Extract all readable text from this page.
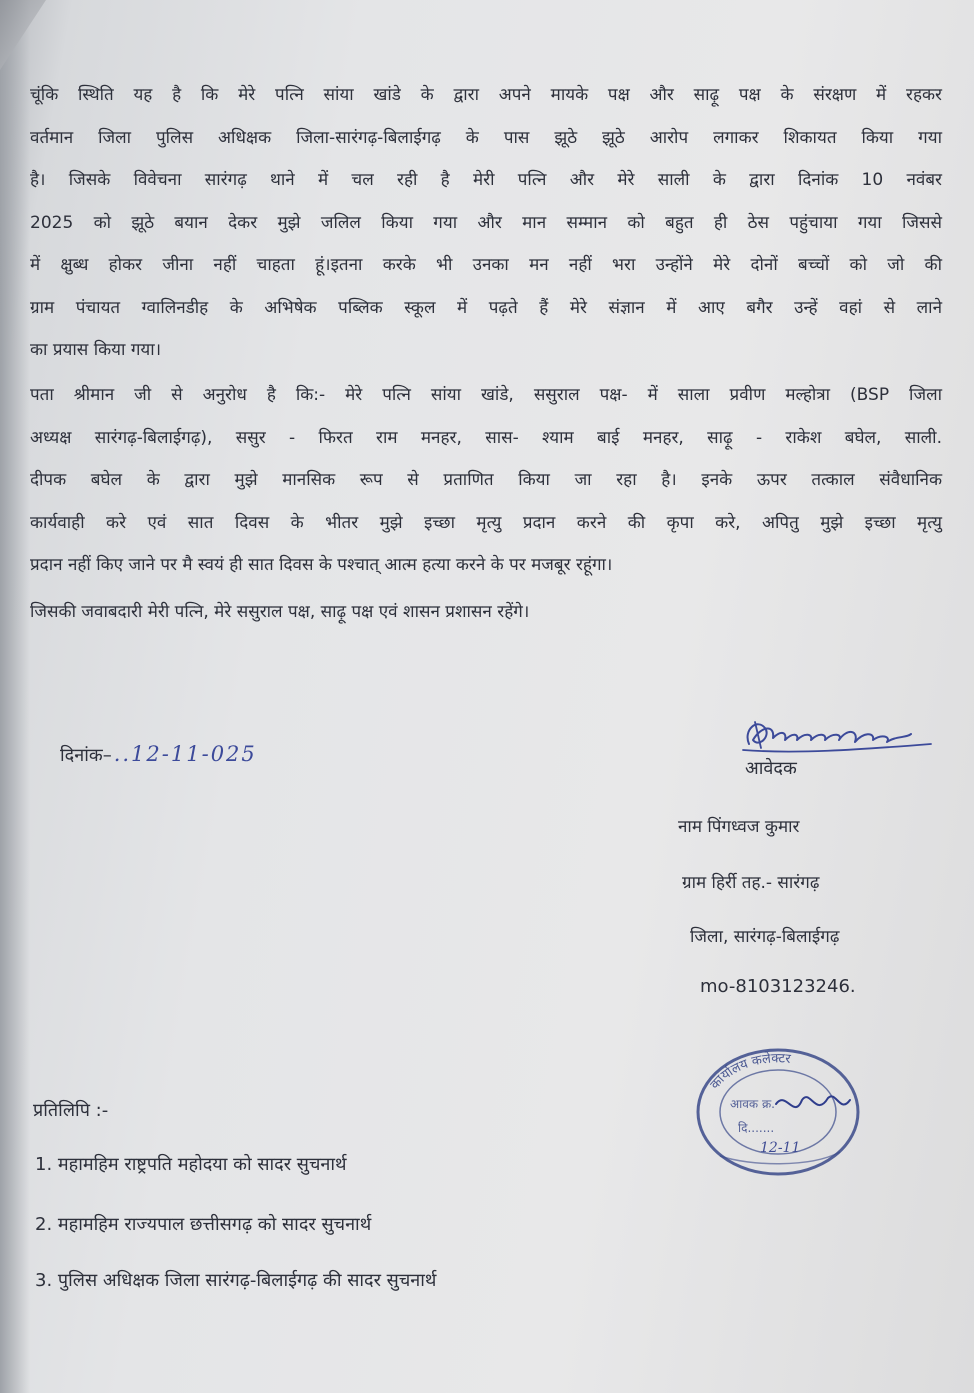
चूंकि स्थिति यह है कि मेरे पत्नि सांया खांडे के द्वारा अपने मायके पक्ष और साढ़ू पक्ष के संरक्षण में रहकर
वर्तमान जिला पुलिस अधिक्षक जिला-सारंगढ़-बिलाईगढ़ के पास झूठे झूठे आरोप लगाकर शिकायत किया गया
है। जिसके विवेचना सारंगढ़ थाने में चल रही है मेरी पत्नि और मेरे साली के द्वारा दिनांक 10 नवंबर
2025 को झूठे बयान देकर मुझे जलिल किया गया और मान सम्मान को बहुत ही ठेस पहुंचाया गया जिससे
में क्षुब्ध होकर जीना नहीं चाहता हूं।इतना करके भी उनका मन नहीं भरा उन्होंने मेरे दोनों बच्चों को जो की
ग्राम पंचायत ग्वालिनडीह के अभिषेक पब्लिक स्कूल में पढ़ते हैं मेरे संज्ञान में आए बगैर उन्हें वहां से लाने
का प्रयास किया गया।
पता श्रीमान जी से अनुरोध है कि:- मेरे पत्नि सांया खांडे, ससुराल पक्ष- में साला प्रवीण मल्होत्रा (BSP जिला
अध्यक्ष सारंगढ़-बिलाईगढ़), ससुर - फिरत राम मनहर, सास- श्याम बाई मनहर, साढ़ू - राकेश बघेल, साली.
दीपक बघेल के द्वारा मुझे मानसिक रूप से प्रताणित किया जा रहा है। इनके ऊपर तत्काल संवैधानिक
कार्यवाही करे एवं सात दिवस के भीतर मुझे इच्छा मृत्यु प्रदान करने की कृपा करे, अपितु मुझे इच्छा मृत्यु
प्रदान नहीं किए जाने पर मै स्वयं ही सात दिवस के पश्चात् आत्म हत्या करने के पर मजबूर रहूंगा।
जिसकी जवाबदारी मेरी पत्नि, मेरे ससुराल पक्ष, साढ़ू पक्ष एवं शासन प्रशासन रहेंगे।
दिनांक–..12-11-025
आवेदक
नाम पिंगध्वज कुमार
ग्राम हिर्री तह.- सारंगढ़
जिला, सारंगढ़-बिलाईगढ़
mo-8103123246.
कार्यालय कलेक्टर
आवक क्र.
दि.......
12-11
प्रतिलिपि :-
1. महामहिम राष्ट्रपति महोदया को सादर सुचनार्थ
2. महामहिम राज्यपाल छत्तीसगढ़ को सादर सुचनार्थ
3. पुलिस अधिक्षक जिला सारंगढ़-बिलाईगढ़ की सादर सुचनार्थ
